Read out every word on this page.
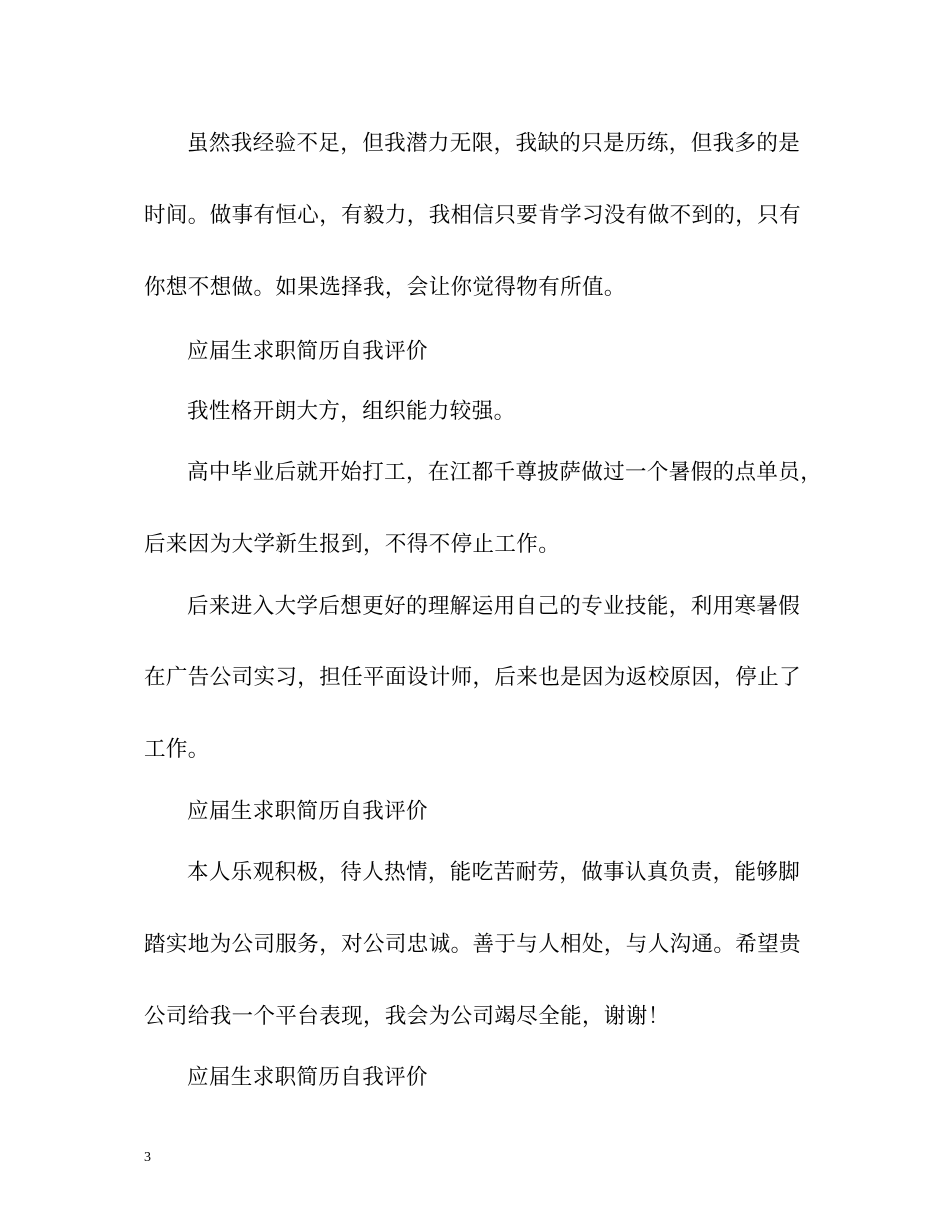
虽然我经验不足，但我潜力无限，我缺的只是历练，但我多的是
时间。做事有恒心，有毅力，我相信只要肯学习没有做不到的，只有
你想不想做。如果选择我，会让你觉得物有所值。
应届生求职简历自我评价
我性格开朗大方，组织能力较强。
高中毕业后就开始打工，在江都千尊披萨做过一个暑假的点单员，
后来因为大学新生报到，不得不停止工作。
后来进入大学后想更好的理解运用自己的专业技能，利用寒暑假
在广告公司实习，担任平面设计师，后来也是因为返校原因，停止了
工作。
应届生求职简历自我评价
本人乐观积极，待人热情，能吃苦耐劳，做事认真负责，能够脚
踏实地为公司服务，对公司忠诚。善于与人相处，与人沟通。希望贵
公司给我一个平台表现，我会为公司竭尽全能，谢谢！
应届生求职简历自我评价
3
